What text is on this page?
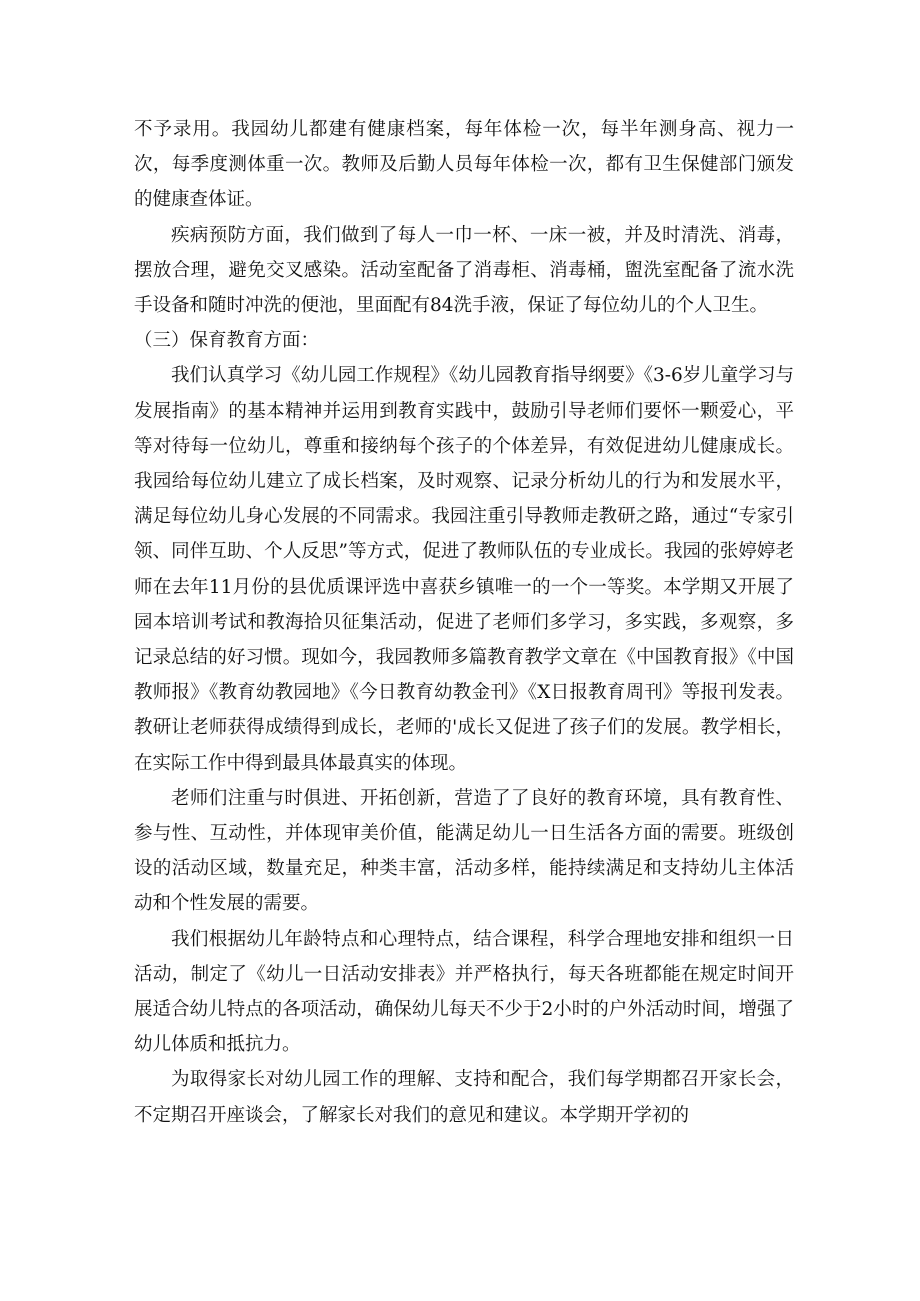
不予录用。我园幼儿都建有健康档案，每年体检一次，每半年测身高、视力一次，每季度测体重一次。教师及后勤人员每年体检一次，都有卫生保健部门颁发的健康查体证。

疾病预防方面，我们做到了每人一巾一杯、一床一被，并及时清洗、消毒，摆放合理，避免交叉感染。活动室配备了消毒柜、消毒桶，盥洗室配备了流水洗手设备和随时冲洗的便池，里面配有84洗手液，保证了每位幼儿的个人卫生。

（三）保育教育方面：

我们认真学习《幼儿园工作规程》《幼儿园教育指导纲要》《3-6岁儿童学习与发展指南》的基本精神并运用到教育实践中，鼓励引导老师们要怀一颗爱心，平等对待每一位幼儿，尊重和接纳每个孩子的个体差异，有效促进幼儿健康成长。我园给每位幼儿建立了成长档案，及时观察、记录分析幼儿的行为和发展水平，满足每位幼儿身心发展的不同需求。我园注重引导教师走教研之路，通过“专家引领、同伴互助、个人反思”等方式，促进了教师队伍的专业成长。我园的张婷婷老师在去年11月份的县优质课评选中喜获乡镇唯一的一个一等奖。本学期又开展了园本培训考试和教海拾贝征集活动，促进了老师们多学习，多实践，多观察，多记录总结的好习惯。现如今，我园教师多篇教育教学文章在《中国教育报》《中国教师报》《教育幼教园地》《今日教育幼教金刊》《X日报教育周刊》等报刊发表。教研让老师获得成绩得到成长，老师的'成长又促进了孩子们的发展。教学相长，在实际工作中得到最具体最真实的体现。

老师们注重与时俱进、开拓创新，营造了了良好的教育环境，具有教育性、参与性、互动性，并体现审美价值，能满足幼儿一日生活各方面的需要。班级创设的活动区域，数量充足，种类丰富，活动多样，能持续满足和支持幼儿主体活动和个性发展的需要。

我们根据幼儿年龄特点和心理特点，结合课程，科学合理地安排和组织一日活动，制定了《幼儿一日活动安排表》并严格执行，每天各班都能在规定时间开展适合幼儿特点的各项活动，确保幼儿每天不少于2小时的户外活动时间，增强了幼儿体质和抵抗力。

为取得家长对幼儿园工作的理解、支持和配合，我们每学期都召开家长会，不定期召开座谈会，了解家长对我们的意见和建议。本学期开学初的
